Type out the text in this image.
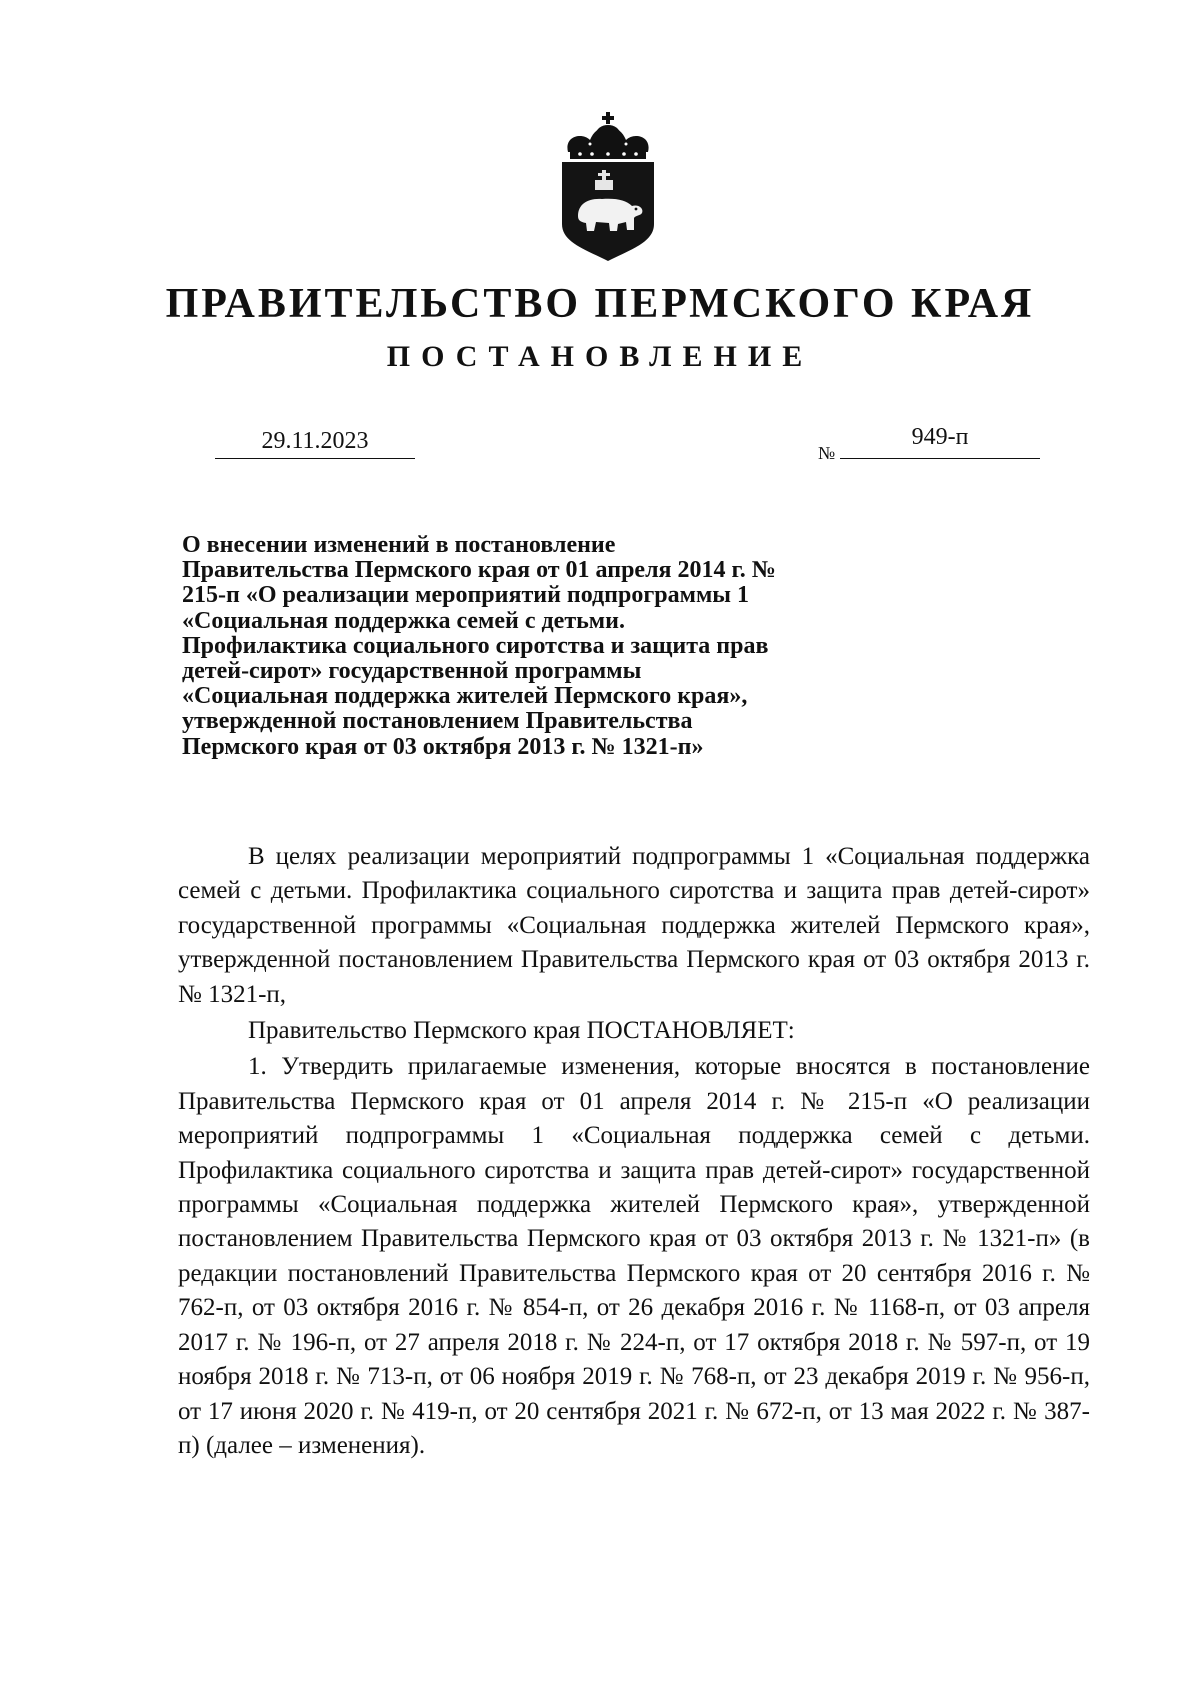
ПРАВИТЕЛЬСТВО ПЕРМСКОГО КРАЯ
ПОСТАНОВЛЕНИЕ
29.11.2023	№
949-п
О внесении изменений в постановление Правительства Пермского края от 01 апреля 2014 г. № 215-п «О реализации мероприятий подпрограммы 1 «Социальная поддержка семей с детьми. Профилактика социального сиротства и защита прав детей-сирот» государственной программы «Социальная поддержка жителей Пермского края», утвержденной постановлением Правительства Пермского края от 03 октября 2013 г. № 1321-п»

В целях реализации мероприятий подпрограммы 1 «Социальная поддержка семей с детьми. Профилактика социального сиротства и защита прав детей-сирот» государственной программы «Социальная поддержка жителей Пермского края», утвержденной постановлением Правительства Пермского края от 03 октября 2013 г. № 1321-п,

Правительство Пермского края ПОСТАНОВЛЯЕТ:

1. Утвердить прилагаемые изменения, которые вносятся в постановление Правительства Пермского края от 01 апреля 2014 г. № 215-п «О реализации мероприятий подпрограммы 1 «Социальная поддержка семей с детьми. Профилактика социального сиротства и защита прав детей-сирот» государственной программы «Социальная поддержка жителей Пермского края», утвержденной постановлением Правительства Пермского края от 03 октября 2013 г. № 1321-п» (в редакции постановлений Правительства Пермского края от 20 сентября 2016 г. № 762-п, от 03 октября 2016 г. № 854-п, от 26 декабря 2016 г. № 1168-п, от 03 апреля 2017 г. № 196-п, от 27 апреля 2018 г. № 224-п, от 17 октября 2018 г. № 597-п, от 19 ноября 2018 г. № 713-п, от 06 ноября 2019 г. № 768-п, от 23 декабря 2019 г. № 956-п, от 17 июня 2020 г. № 419-п, от 20 сентября 2021 г. № 672-п, от 13 мая 2022 г. № 387-п) (далее – изменения).
